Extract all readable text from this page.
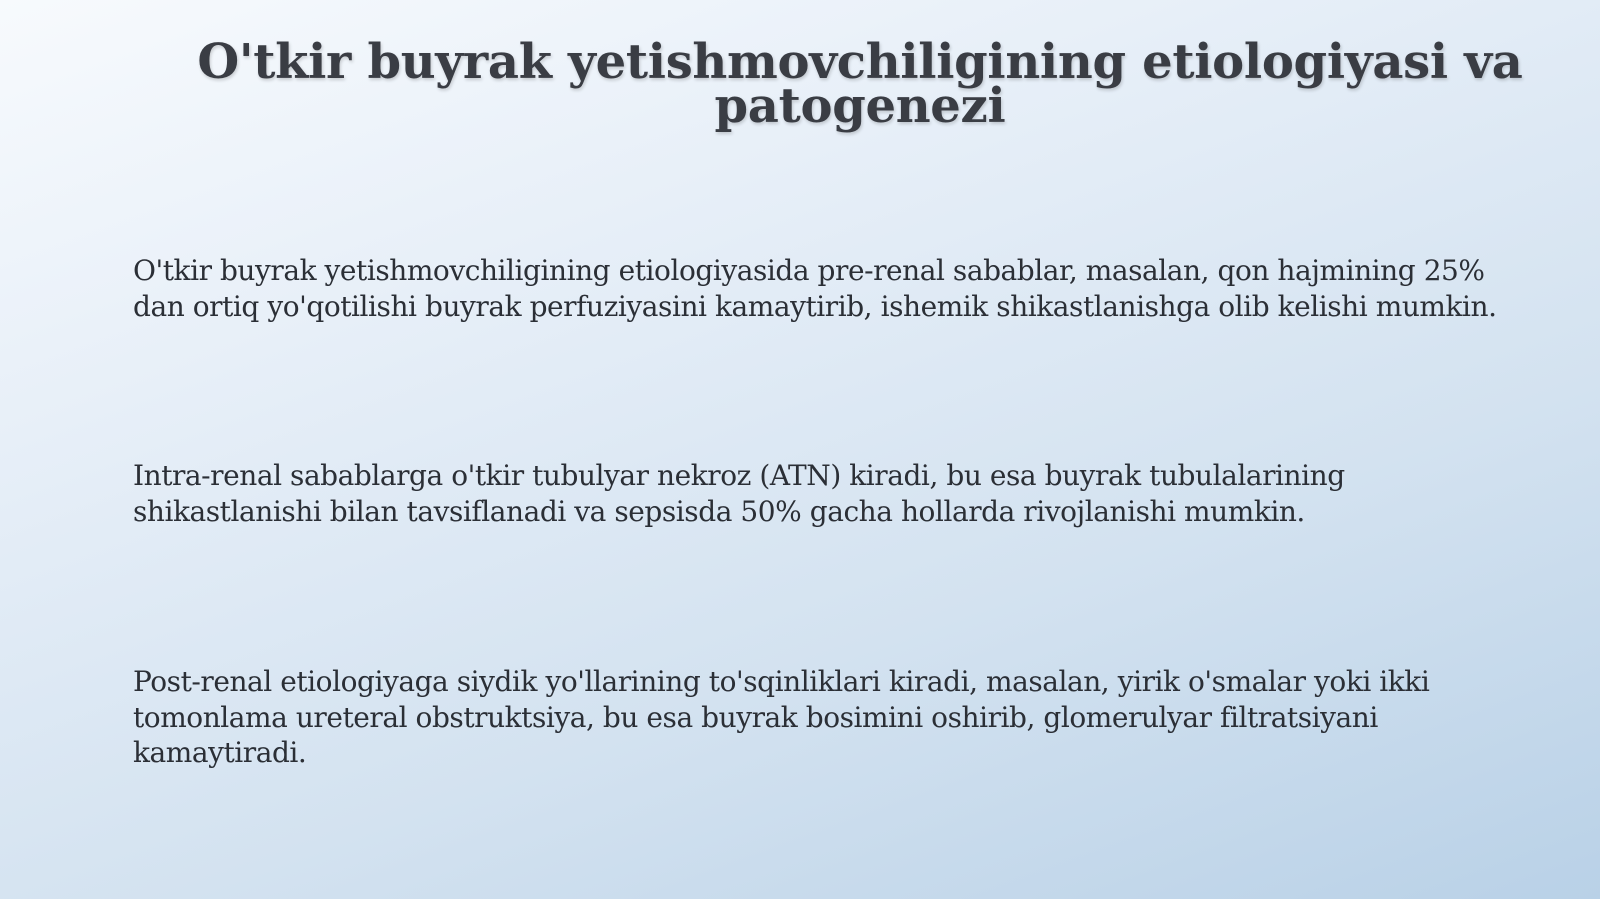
O'tkir buyrak yetishmovchiligining etiologiyasi va patogenezi

O'tkir buyrak yetishmovchiligining etiologiyasida pre-renal sabablar, masalan, qon hajmining 25% dan ortiq yo'qotilishi buyrak perfuziyasini kamaytirib, ishemik shikastlanishga olib kelishi mumkin.

Intra-renal sabablarga o'tkir tubulyar nekroz (ATN) kiradi, bu esa buyrak tubulalarining shikastlanishi bilan tavsiflanadi va sepsisda 50% gacha hollarda rivojlanishi mumkin.

Post-renal etiologiyaga siydik yo'llarining to'sqinliklari kiradi, masalan, yirik o'smalar yoki ikki tomonlama ureteral obstruktsiya, bu esa buyrak bosimini oshirib, glomerulyar filtratsiyani kamaytiradi.
